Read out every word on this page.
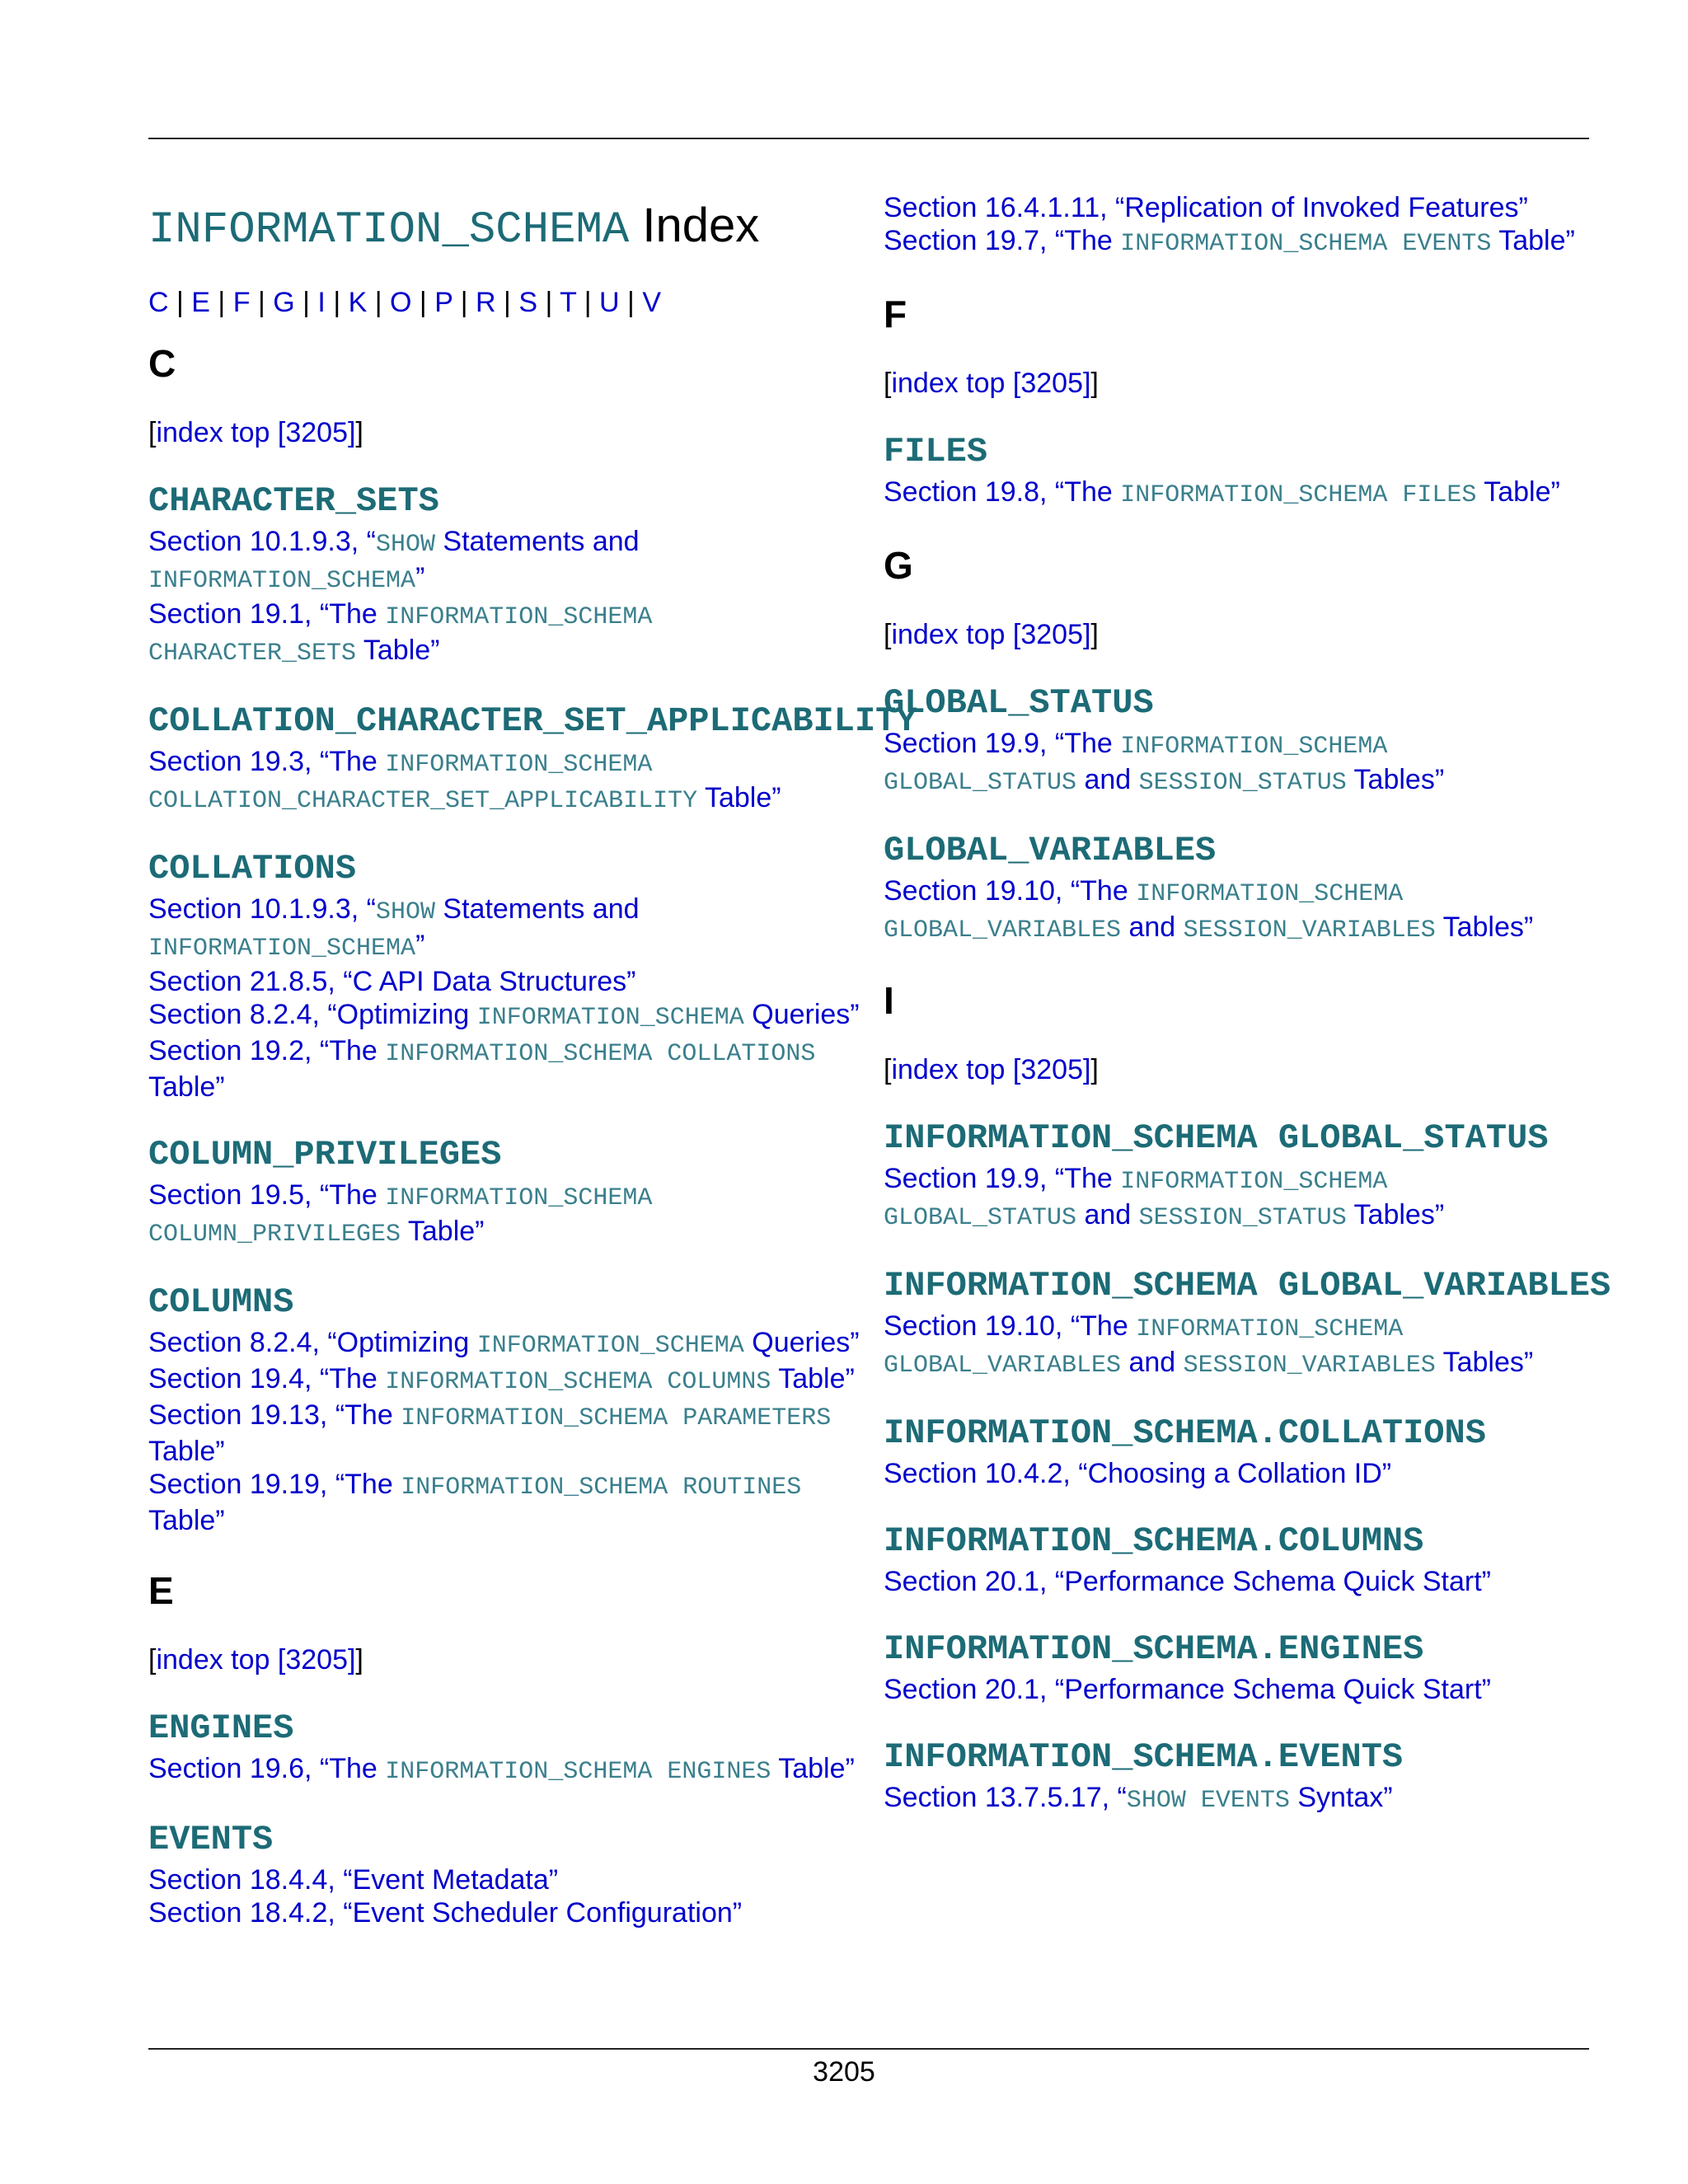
INFORMATION_SCHEMA Index
C | E | F | G | I | K | O | P | R | S | T | U | V
C
[index top [3205]]
CHARACTER_SETS
Section 10.1.9.3, “SHOW Statements and INFORMATION_SCHEMA”
Section 19.1, “The INFORMATION_SCHEMA CHARACTER_SETS Table”
COLLATION_CHARACTER_SET_APPLICABILITY
Section 19.3, “The INFORMATION_SCHEMA COLLATION_CHARACTER_SET_APPLICABILITY Table”
COLLATIONS
Section 10.1.9.3, “SHOW Statements and INFORMATION_SCHEMA”
Section 21.8.5, “C API Data Structures”
Section 8.2.4, “Optimizing INFORMATION_SCHEMA Queries”
Section 19.2, “The INFORMATION_SCHEMA COLLATIONS Table”
COLUMN_PRIVILEGES
Section 19.5, “The INFORMATION_SCHEMA COLUMN_PRIVILEGES Table”
COLUMNS
Section 8.2.4, “Optimizing INFORMATION_SCHEMA Queries”
Section 19.4, “The INFORMATION_SCHEMA COLUMNS Table”
Section 19.13, “The INFORMATION_SCHEMA PARAMETERS Table”
Section 19.19, “The INFORMATION_SCHEMA ROUTINES Table”
E
[index top [3205]]
ENGINES
Section 19.6, “The INFORMATION_SCHEMA ENGINES Table”
EVENTS
Section 18.4.4, “Event Metadata”
Section 18.4.2, “Event Scheduler Configuration”
Section 16.4.1.11, “Replication of Invoked Features”
Section 19.7, “The INFORMATION_SCHEMA EVENTS Table”
F
[index top [3205]]
FILES
Section 19.8, “The INFORMATION_SCHEMA FILES Table”
G
[index top [3205]]
GLOBAL_STATUS
Section 19.9, “The INFORMATION_SCHEMA GLOBAL_STATUS and SESSION_STATUS Tables”
GLOBAL_VARIABLES
Section 19.10, “The INFORMATION_SCHEMA GLOBAL_VARIABLES and SESSION_VARIABLES Tables”
I
[index top [3205]]
INFORMATION_SCHEMA GLOBAL_STATUS
Section 19.9, “The INFORMATION_SCHEMA GLOBAL_STATUS and SESSION_STATUS Tables”
INFORMATION_SCHEMA GLOBAL_VARIABLES
Section 19.10, “The INFORMATION_SCHEMA GLOBAL_VARIABLES and SESSION_VARIABLES Tables”
INFORMATION_SCHEMA.COLLATIONS
Section 10.4.2, “Choosing a Collation ID”
INFORMATION_SCHEMA.COLUMNS
Section 20.1, “Performance Schema Quick Start”
INFORMATION_SCHEMA.ENGINES
Section 20.1, “Performance Schema Quick Start”
INFORMATION_SCHEMA.EVENTS
Section 13.7.5.17, “SHOW EVENTS Syntax”
3205
